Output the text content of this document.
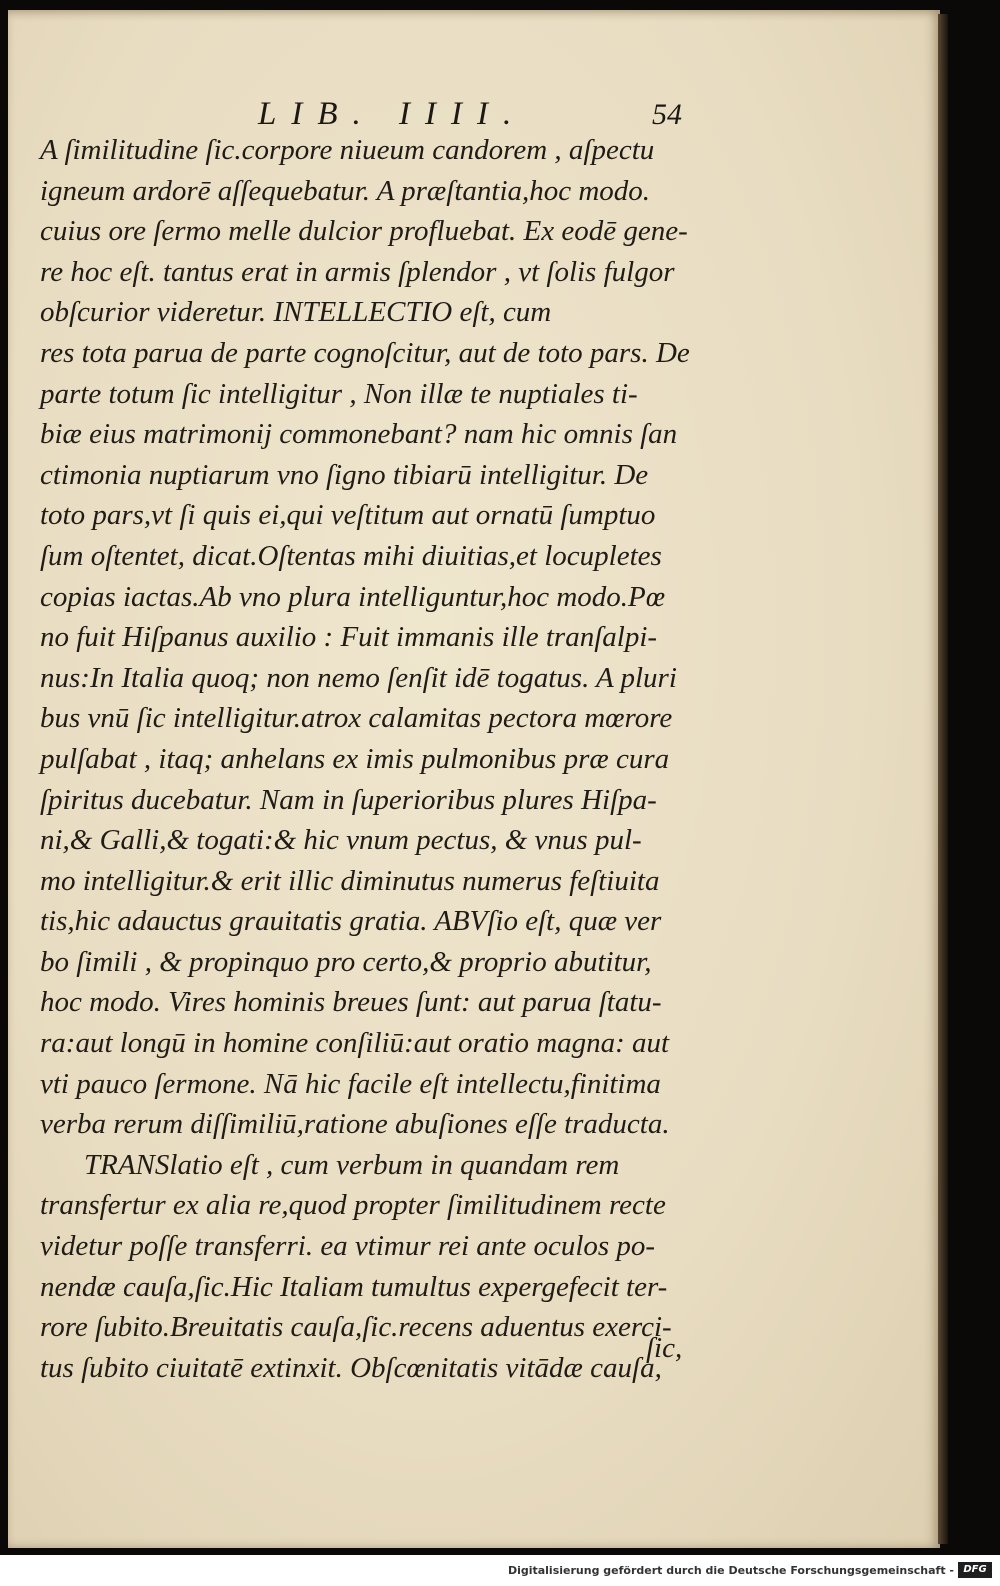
LIB. IIII.	54
A ſimilitudine ſic.corpore niueum candorem , aſpectu
igneum ardorē aſſequebatur. A præſtantia,hoc modo.
cuius ore ſermo melle dulcior profluebat. Ex eodē gene-
re hoc eſt. tantus erat in armis ſplendor , vt ſolis fulgor
obſcurior videretur. INTELLECTIO eſt, cum
res tota parua de parte cognoſcitur, aut de toto pars. De
parte totum ſic intelligitur , Non illæ te nuptiales ti-
biæ eius matrimonij commonebant? nam hic omnis ſan
ctimonia nuptiarum vno ſigno tibiarū intelligitur. De
toto pars,vt ſi quis ei,qui veſtitum aut ornatū ſumptuo
ſum oſtentet, dicat.Oſtentas mihi diuitias,et locupletes
copias iactas.Ab vno plura intelliguntur,hoc modo.Pœ
no fuit Hiſpanus auxilio : Fuit immanis ille tranſalpi-
nus:In Italia quoq; non nemo ſenſit idē togatus. A pluri
bus vnū ſic intelligitur.atrox calamitas pectora mœrore
pulſabat , itaq; anhelans ex imis pulmonibus præ cura
ſpiritus ducebatur. Nam in ſuperioribus plures Hiſpa-
ni,& Galli,& togati:& hic vnum pectus, & vnus pul-
mo intelligitur.& erit illic diminutus numerus feſtiuita
tis,hic adauctus grauitatis gratia. ABVſio eſt, quæ ver
bo ſimili , & propinquo pro certo,& proprio abutitur,
hoc modo. Vires hominis breues ſunt: aut parua ſtatu-
ra:aut longū in homine conſiliū:aut oratio magna: aut
vti pauco ſermone. Nā hic facile eſt intellectu,finitima
verba rerum diſſimiliū,ratione abuſiones eſſe traducta.
TRANSlatio eſt , cum verbum in quandam rem
transfertur ex alia re,quod propter ſimilitudinem recte
videtur poſſe transferri. ea vtimur rei ante oculos po-
nendæ cauſa,ſic.Hic Italiam tumultus expergefecit ter-
rore ſubito.Breuitatis cauſa,ſic.recens aduentus exerci-
tus ſubito ciuitatē extinxit. Obſcœnitatis vitādæ cauſa,
ſic,
Digitalisierung gefördert durch die Deutsche Forschungsgemeinschaft - DFG
